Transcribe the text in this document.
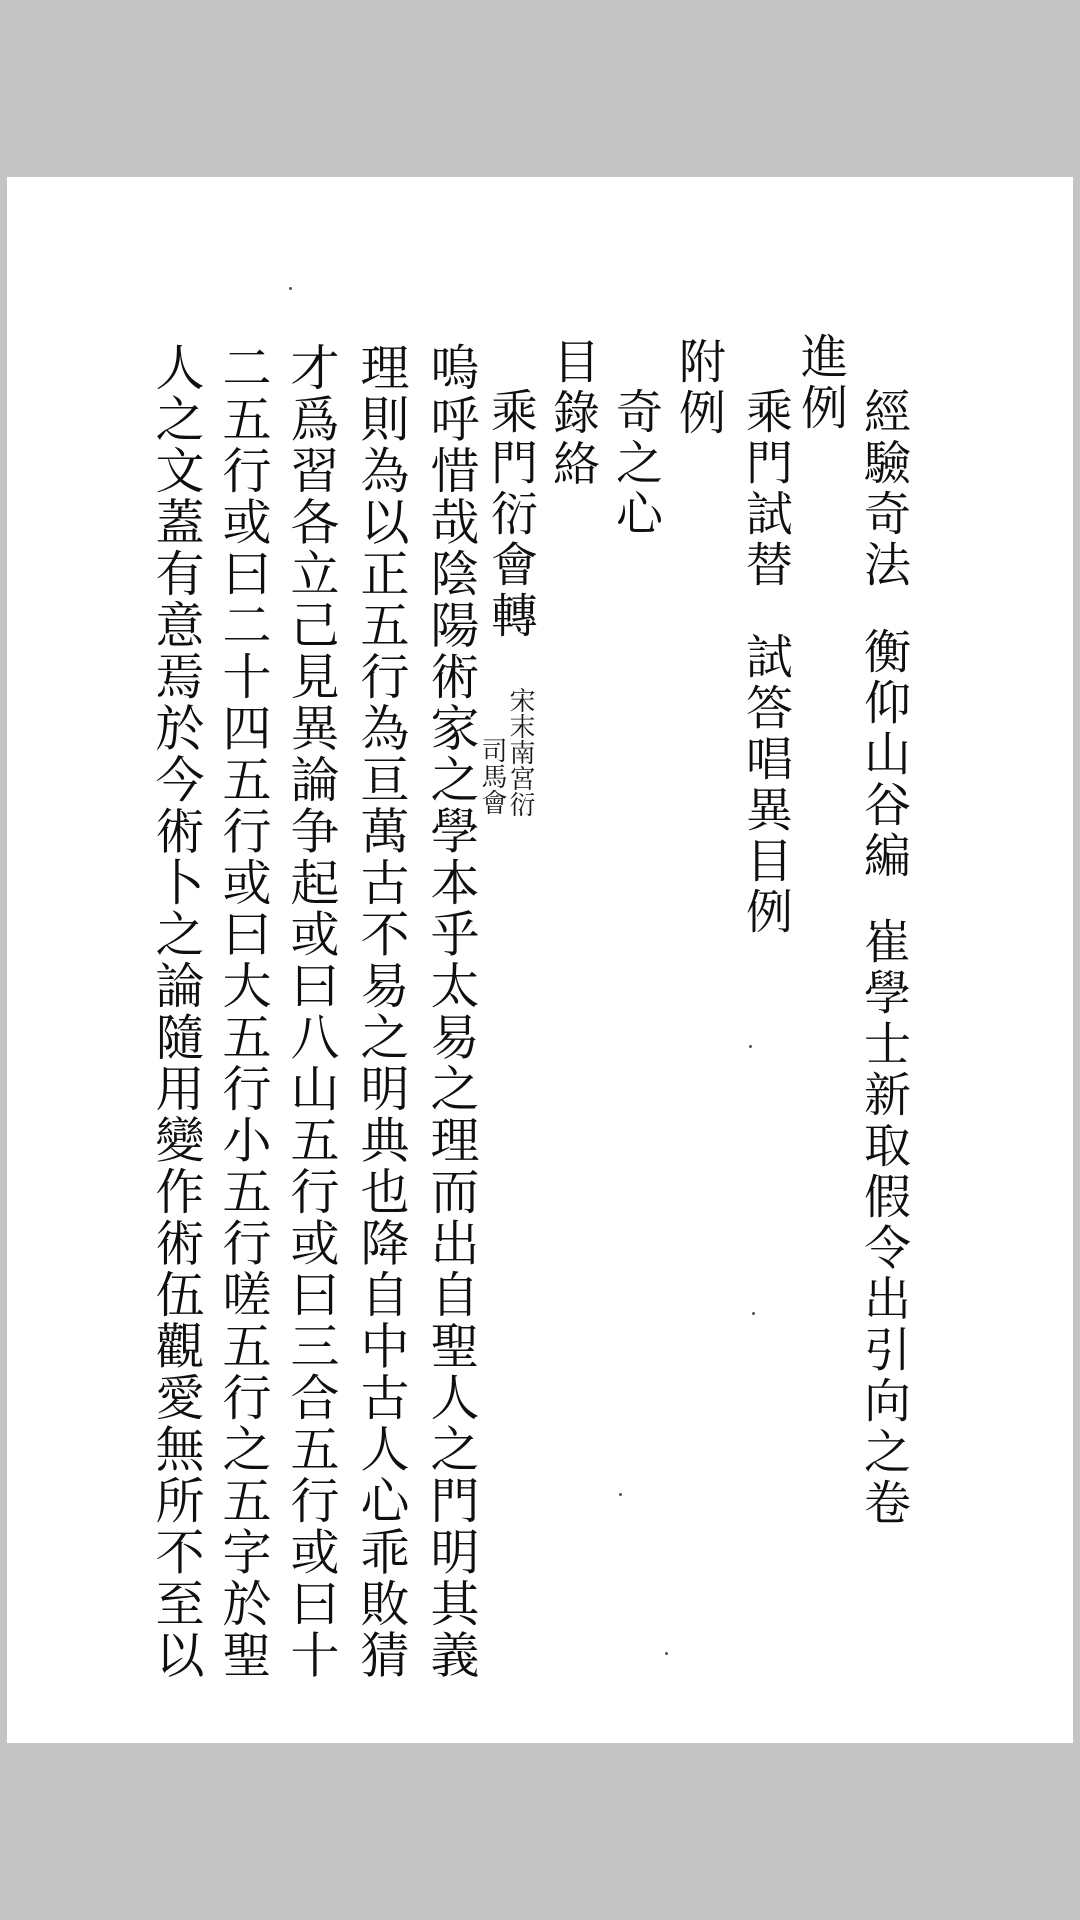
經驗奇法
衡仰山谷編
崔學士新取假令出引向之卷
進例
乘門試替
試答唱異目例
附例
奇之心
目錄絡
乘門衍會轉
宋末南宮衍
司馬會
嗚呼惜哉陰陽術家之學本乎太易之理而出自聖人之門明其義
理則為以正五行為亘萬古不易之明典也降自中古人心乖敗猜
才爲習各立己見異論争起或曰八山五行或曰三合五行或曰十
二五行或曰二十四五行或曰大五行小五行嗟五行之五字於聖
人之文蓋有意焉於今術卜之論隨用變作術伍觀愛無所不至以
